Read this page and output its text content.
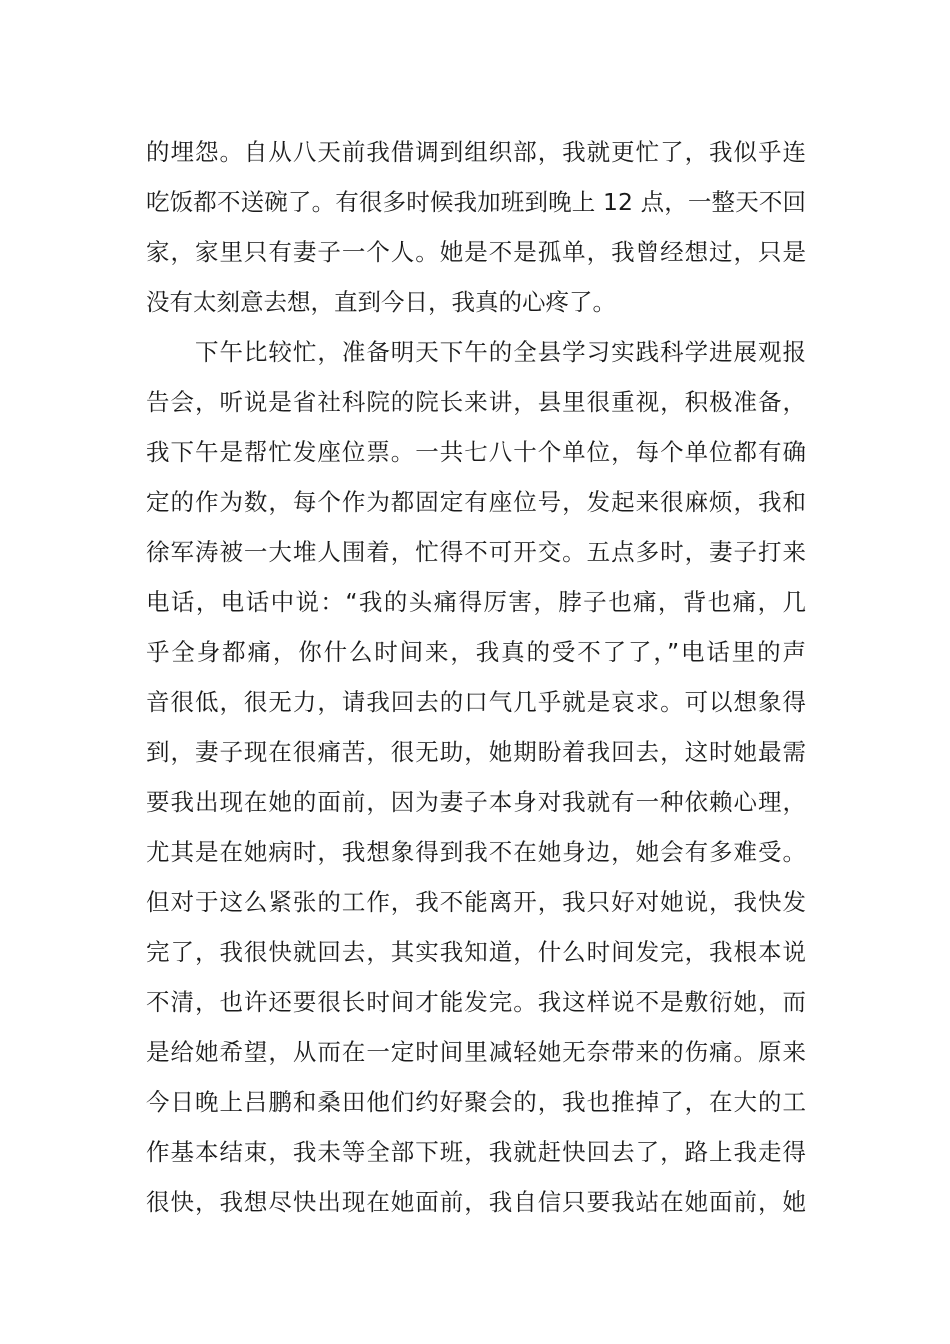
的埋怨。自从八天前我借调到组织部，我就更忙了，我似乎连
吃饭都不送碗了。有很多时候我加班到晚上 12 点，一整天不回
家，家里只有妻子一个人。她是不是孤单，我曾经想过，只是
没有太刻意去想，直到今日，我真的心疼了。
　　下午比较忙，准备明天下午的全县学习实践科学进展观报
告会，听说是省社科院的院长来讲，县里很重视，积极准备，
我下午是帮忙发座位票。一共七八十个单位，每个单位都有确
定的作为数，每个作为都固定有座位号，发起来很麻烦，我和
徐军涛被一大堆人围着，忙得不可开交。五点多时，妻子打来
电话，电话中说：“我的头痛得厉害，脖子也痛，背也痛，几
乎全身都痛，你什么时间来，我真的受不了了，”电话里的声
音很低，很无力，请我回去的口气几乎就是哀求。可以想象得
到，妻子现在很痛苦，很无助，她期盼着我回去，这时她最需
要我出现在她的面前，因为妻子本身对我就有一种依赖心理，
尤其是在她病时，我想象得到我不在她身边，她会有多难受。
但对于这么紧张的工作，我不能离开，我只好对她说，我快发
完了，我很快就回去，其实我知道，什么时间发完，我根本说
不清，也许还要很长时间才能发完。我这样说不是敷衍她，而
是给她希望，从而在一定时间里减轻她无奈带来的伤痛。原来
今日晚上吕鹏和桑田他们约好聚会的，我也推掉了，在大的工
作基本结束，我未等全部下班，我就赶快回去了，路上我走得
很快，我想尽快出现在她面前，我自信只要我站在她面前，她
